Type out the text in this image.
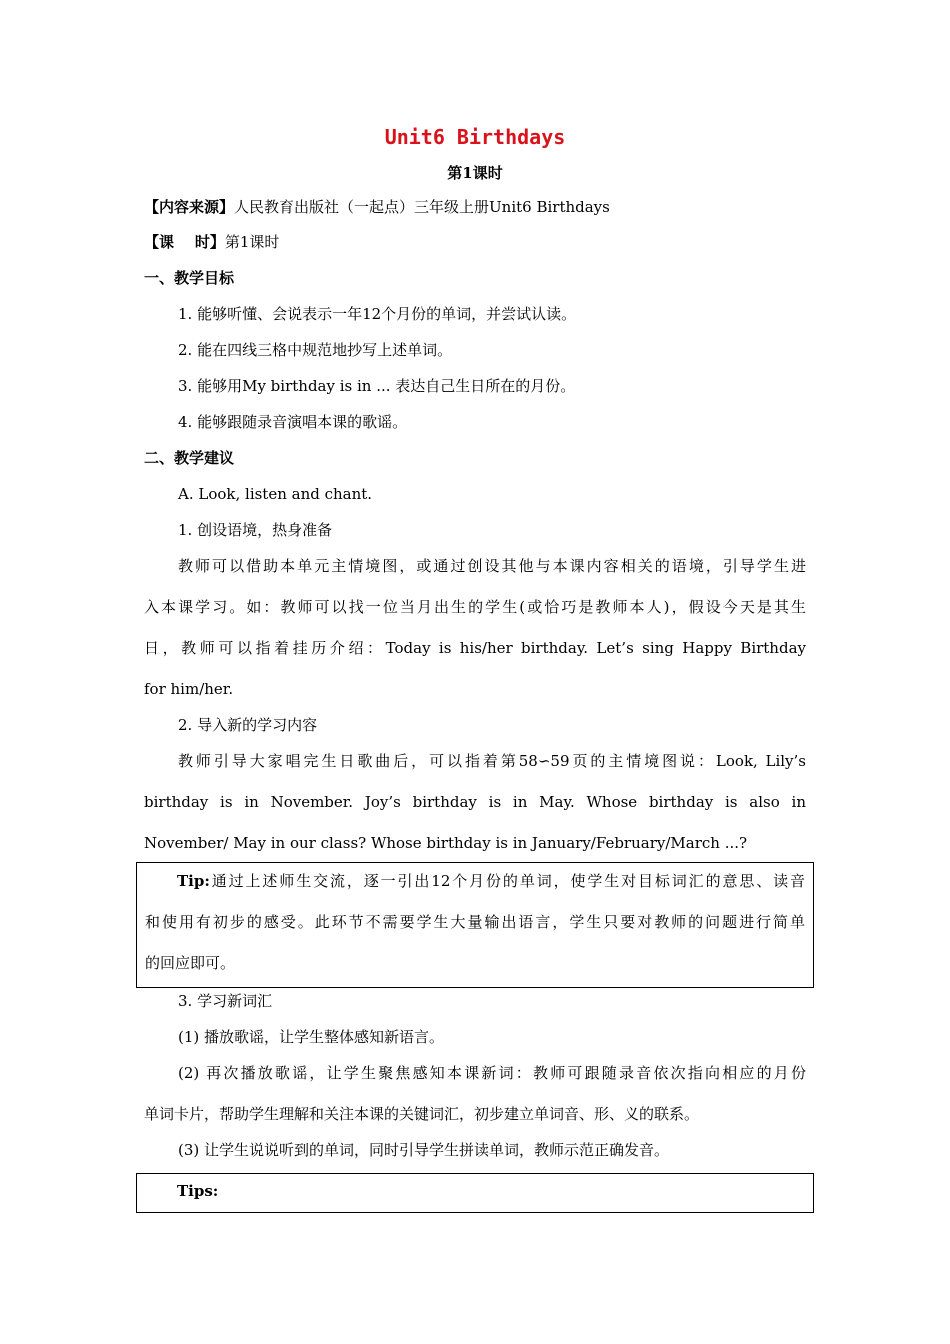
Unit6 Birthdays
第1课时
【内容来源】人民教育出版社（一起点）三年级上册Unit6 Birthdays
【课    时】第1课时
一、教学目标
1. 能够听懂、会说表示一年12个月份的单词，并尝试认读。
2. 能在四线三格中规范地抄写上述单词。
3. 能够用My birthday is in ... 表达自己生日所在的月份。
4. 能够跟随录音演唱本课的歌谣。
二、教学建议
A. Look, listen and chant.
1. 创设语境，热身准备
教师可以借助本单元主情境图，或通过创设其他与本课内容相关的语境，引导学生进
入本课学习。如：教师可以找一位当月出生的学生(或恰巧是教师本人)，假设今天是其生
日，教师可以指着挂历介绍：Today is his/her birthday. Let’s sing Happy Birthday
for him/her.
2. 导入新的学习内容
教师引导大家唱完生日歌曲后，可以指着第58∽59页的主情境图说：Look, Lily’s
birthday is in November. Joy’s birthday is in May. Whose birthday is also in
November/ May in our class? Whose birthday is in January/February/March ...?
Tip:通过上述师生交流，逐一引出12个月份的单词，使学生对目标词汇的意思、读音
和使用有初步的感受。此环节不需要学生大量输出语言，学生只要对教师的问题进行简单
的回应即可。
3. 学习新词汇
(1) 播放歌谣，让学生整体感知新语言。
(2) 再次播放歌谣，让学生聚焦感知本课新词：教师可跟随录音依次指向相应的月份
单词卡片，帮助学生理解和关注本课的关键词汇，初步建立单词音、形、义的联系。
(3) 让学生说说听到的单词，同时引导学生拼读单词，教师示范正确发音。
Tips:
